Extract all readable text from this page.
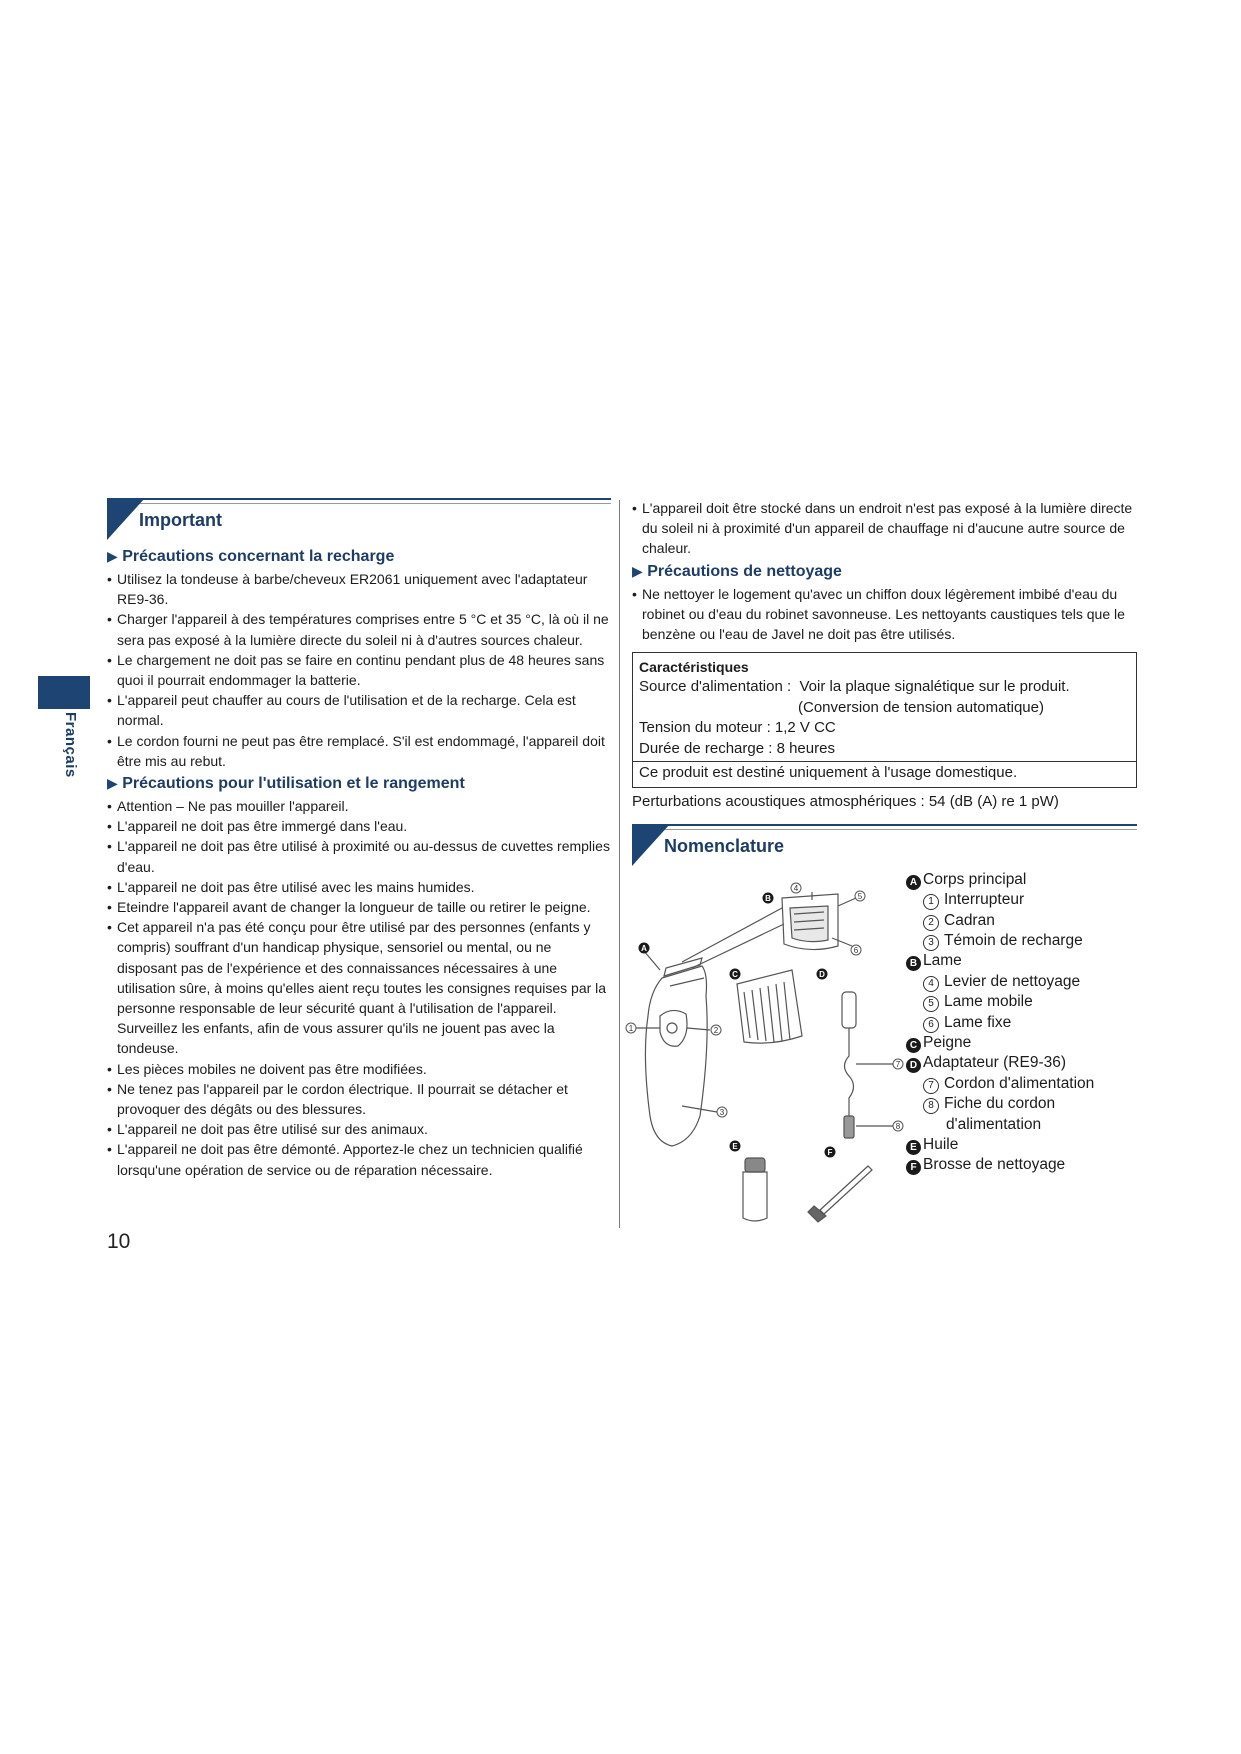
Français
Important
▶ Précautions concernant la recharge
• Utilisez la tondeuse à barbe/cheveux ER2061 uniquement avec l'adaptateur RE9-36.
• Charger l'appareil à des températures comprises entre 5 °C et 35 °C, là où il ne sera pas exposé à la lumière directe du soleil ni à d'autres sources chaleur.
• Le chargement ne doit pas se faire en continu pendant plus de 48 heures sans quoi il pourrait endommager la batterie.
• L'appareil peut chauffer au cours de l'utilisation et de la recharge. Cela est normal.
• Le cordon fourni ne peut pas être remplacé. S'il est endommagé, l'appareil doit être mis au rebut.
▶ Précautions pour l'utilisation et le rangement
• Attention – Ne pas mouiller l'appareil.
• L'appareil ne doit pas être immergé dans l'eau.
• L'appareil ne doit pas être utilisé à proximité ou au-dessus de cuvettes remplies d'eau.
• L'appareil ne doit pas être utilisé avec les mains humides.
• Eteindre l'appareil avant de changer la longueur de taille ou retirer le peigne.
• Cet appareil n'a pas été conçu pour être utilisé par des personnes (enfants y compris) souffrant d'un handicap physique, sensoriel ou mental, ou ne disposant pas de l'expérience et des connaissances nécessaires à une utilisation sûre, à moins qu'elles aient reçu toutes les consignes requises par la personne responsable de leur sécurité quant à l'utilisation de l'appareil. Surveillez les enfants, afin de vous assurer qu'ils ne jouent pas avec la tondeuse.
• Les pièces mobiles ne doivent pas être modifiées.
• Ne tenez pas l'appareil par le cordon électrique. Il pourrait se détacher et provoquer des dégâts ou des blessures.
• L'appareil ne doit pas être utilisé sur des animaux.
• L'appareil ne doit pas être démonté. Apportez-le chez un technicien qualifié lorsqu'une opération de service ou de réparation nécessaire.
10
• L'appareil doit être stocké dans un endroit n'est pas exposé à la lumière directe du soleil ni à proximité d'un appareil de chauffage ni d'aucune autre source de chaleur.
▶ Précautions de nettoyage
• Ne nettoyer le logement qu'avec un chiffon doux légèrement imbibé d'eau du robinet ou d'eau du robinet savonneuse. Les nettoyants caustiques tels que le benzène ou l'eau de Javel ne doit pas être utilisés.
Caractéristiques
Source d'alimentation : Voir la plaque signalétique sur le produit.
(Conversion de tension automatique)
Tension du moteur : 1,2 V CC
Durée de recharge : 8 heures
Ce produit est destiné uniquement à l'usage domestique.
Perturbations acoustiques atmosphériques : 54 (dB (A) re 1 pW)
Nomenclature
A
B
C	D
E
F
1	2
3
4
5
6
7
8
A Corps principal
1 Interrupteur
2 Cadran
3 Témoin de recharge
B Lame
4 Levier de nettoyage
5 Lame mobile
6 Lame fixe
C Peigne
D Adaptateur (RE9-36)
7 Cordon d'alimentation
8 Fiche du cordon
d'alimentation
E Huile
F Brosse de nettoyage
